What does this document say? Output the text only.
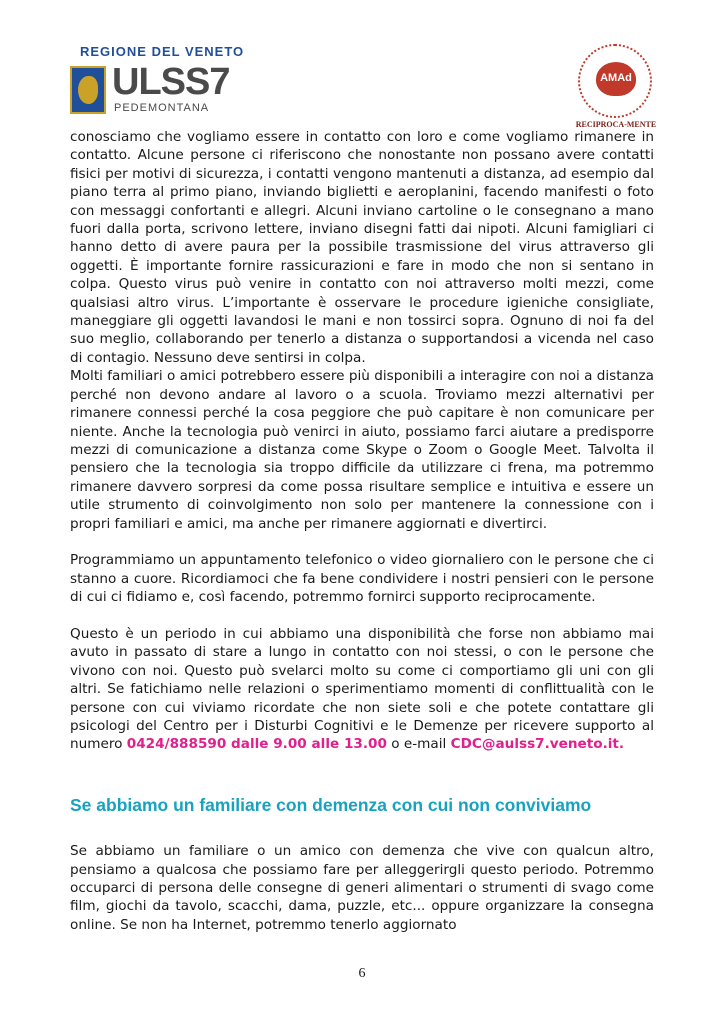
REGIONE DEL VENETO
ULSS7
PEDEMONTANA
AMAd
RECIPROCA-MENTE

conosciamo che vogliamo essere in contatto con loro e come vogliamo rimanere in contatto. Alcune persone ci riferiscono che nonostante non possano avere contatti fisici per motivi di sicurezza, i contatti vengono mantenuti a distanza, ad esempio dal piano terra al primo piano, inviando biglietti e aeroplanini, facendo manifesti o foto con messaggi confortanti e allegri. Alcuni inviano cartoline o le consegnano a mano fuori dalla porta, scrivono lettere, inviano disegni fatti dai nipoti. Alcuni famigliari ci hanno detto di avere paura per la possibile trasmissione del virus attraverso gli oggetti. È importante fornire rassicurazioni e fare in modo che non si sentano in colpa. Questo virus può venire in contatto con noi attraverso molti mezzi, come qualsiasi altro virus. L’importante è osservare le procedure igieniche consigliate, maneggiare gli oggetti lavandosi le mani e non tossirci sopra. Ognuno di noi fa del suo meglio, collaborando per tenerlo a distanza o supportandosi a vicenda nel caso di contagio. Nessuno deve sentirsi in colpa.

Molti familiari o amici potrebbero essere più disponibili a interagire con noi a distanza perché non devono andare al lavoro o a scuola. Troviamo mezzi alternativi per rimanere connessi perché la cosa peggiore che può capitare è non comunicare per niente. Anche la tecnologia può venirci in aiuto, possiamo farci aiutare a predisporre mezzi di comunicazione a distanza come Skype o Zoom o Google Meet. Talvolta il pensiero che la tecnologia sia troppo difficile da utilizzare ci frena, ma potremmo rimanere davvero sorpresi da come possa risultare semplice e intuitiva e essere un utile strumento di coinvolgimento non solo per mantenere la connessione con i propri familiari e amici, ma anche per rimanere aggiornati e divertirci.

Programmiamo un appuntamento telefonico o video giornaliero con le persone che ci stanno a cuore. Ricordiamoci che fa bene condividere i nostri pensieri con le persone di cui ci fidiamo e, così facendo, potremmo fornirci supporto reciprocamente.

Questo è un periodo in cui abbiamo una disponibilità che forse non abbiamo mai avuto in passato di stare a lungo in contatto con noi stessi, o con le persone che vivono con noi. Questo può svelarci molto su come ci comportiamo gli uni con gli altri. Se fatichiamo nelle relazioni o sperimentiamo momenti di conflittualità con le persone con cui viviamo ricordate che non siete soli e che potete contattare gli psicologi del Centro per i Disturbi Cognitivi e le Demenze per ricevere supporto al numero 0424/888590 dalle 9.00 alle 13.00 o e-mail CDC@aulss7.veneto.it.

Se abbiamo un familiare con demenza con cui non conviviamo

Se abbiamo un familiare o un amico con demenza che vive con qualcun altro, pensiamo a qualcosa che possiamo fare per alleggerirgli questo periodo. Potremmo occuparci di persona delle consegne di generi alimentari o strumenti di svago come film, giochi da tavolo, scacchi, dama, puzzle, etc... oppure organizzare la consegna online. Se non ha Internet, potremmo tenerlo aggiornato

6
